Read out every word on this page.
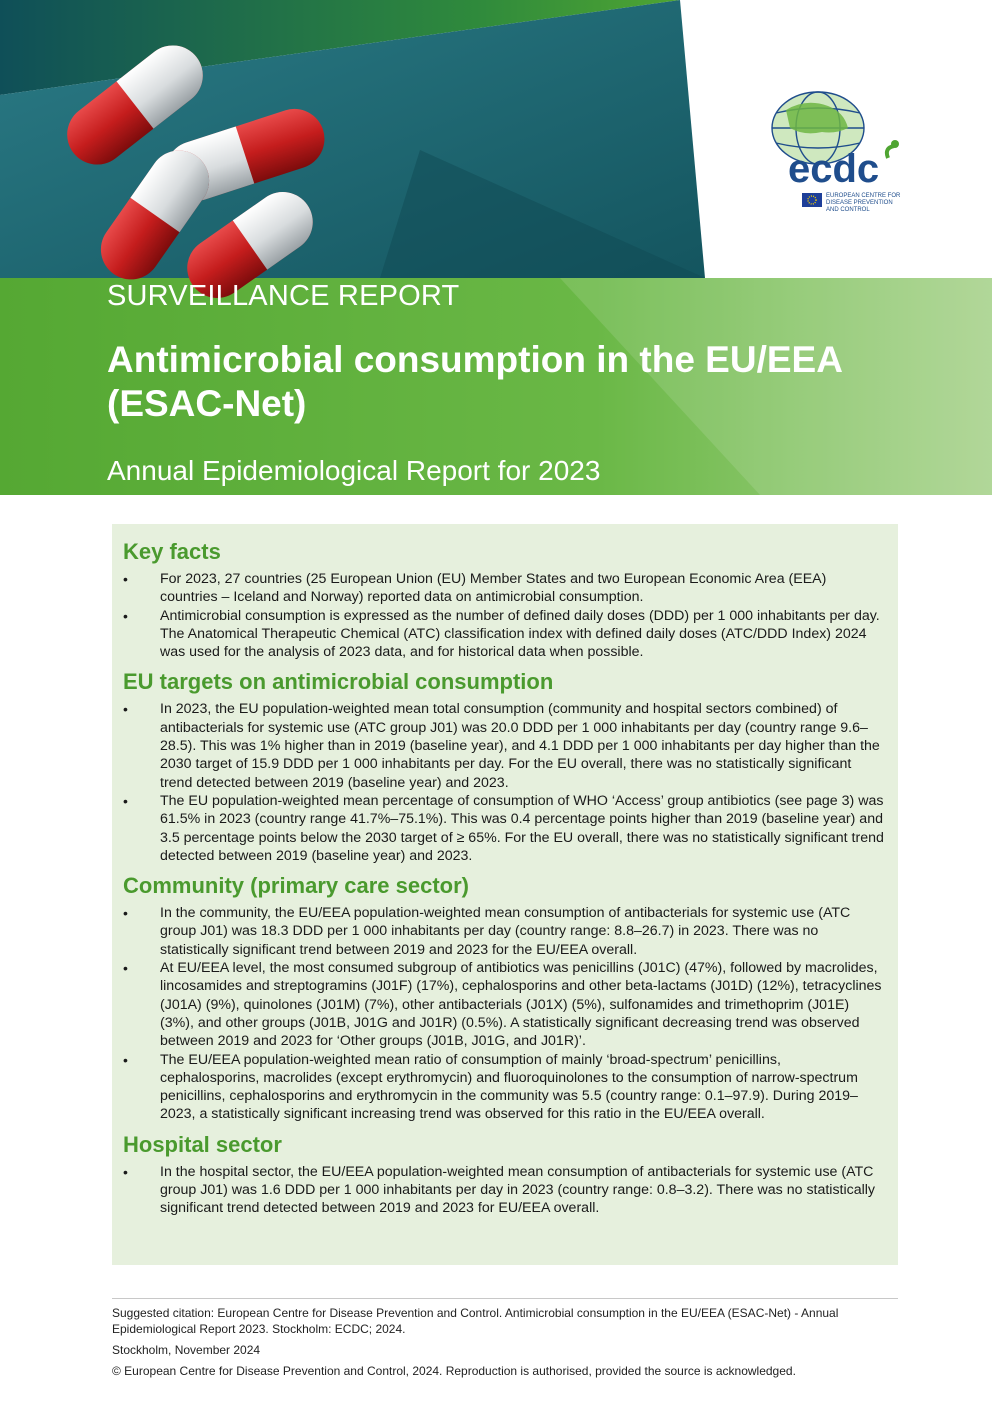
ecdc
EUROPEAN CENTRE FOR
DISEASE PREVENTION
AND CONTROL
SURVEILLANCE REPORT
Antimicrobial consumption in the EU/EEA (ESAC-Net)
Annual Epidemiological Report for 2023
Key facts
• For 2023, 27 countries (25 European Union (EU) Member States and two European Economic Area (EEA) countries – Iceland and Norway) reported data on antimicrobial consumption.
• Antimicrobial consumption is expressed as the number of defined daily doses (DDD) per 1 000 inhabitants per day. The Anatomical Therapeutic Chemical (ATC) classification index with defined daily doses (ATC/DDD Index) 2024 was used for the analysis of 2023 data, and for historical data when possible.
EU targets on antimicrobial consumption
• In 2023, the EU population-weighted mean total consumption (community and hospital sectors combined) of antibacterials for systemic use (ATC group J01) was 20.0 DDD per 1 000 inhabitants per day (country range 9.6–28.5). This was 1% higher than in 2019 (baseline year), and 4.1 DDD per 1 000 inhabitants per day higher than the 2030 target of 15.9 DDD per 1 000 inhabitants per day. For the EU overall, there was no statistically significant trend detected between 2019 (baseline year) and 2023.
• The EU population-weighted mean percentage of consumption of WHO ‘Access’ group antibiotics (see page 3) was 61.5% in 2023 (country range 41.7%–75.1%). This was 0.4 percentage points higher than 2019 (baseline year) and 3.5 percentage points below the 2030 target of ≥ 65%. For the EU overall, there was no statistically significant trend detected between 2019 (baseline year) and 2023.
Community (primary care sector)
• In the community, the EU/EEA population-weighted mean consumption of antibacterials for systemic use (ATC group J01) was 18.3 DDD per 1 000 inhabitants per day (country range: 8.8–26.7) in 2023. There was no statistically significant trend between 2019 and 2023 for the EU/EEA overall.
• At EU/EEA level, the most consumed subgroup of antibiotics was penicillins (J01C) (47%), followed by macrolides, lincosamides and streptogramins (J01F) (17%), cephalosporins and other beta-lactams (J01D) (12%), tetracyclines (J01A) (9%), quinolones (J01M) (7%), other antibacterials (J01X) (5%), sulfonamides and trimethoprim (J01E) (3%), and other groups (J01B, J01G and J01R) (0.5%). A statistically significant decreasing trend was observed between 2019 and 2023 for ‘Other groups (J01B, J01G, and J01R)’.
• The EU/EEA population-weighted mean ratio of consumption of mainly ‘broad-spectrum’ penicillins, cephalosporins, macrolides (except erythromycin) and fluoroquinolones to the consumption of narrow-spectrum penicillins, cephalosporins and erythromycin in the community was 5.5 (country range: 0.1–97.9). During 2019–2023, a statistically significant increasing trend was observed for this ratio in the EU/EEA overall.
Hospital sector
• In the hospital sector, the EU/EEA population-weighted mean consumption of antibacterials for systemic use (ATC group J01) was 1.6 DDD per 1 000 inhabitants per day in 2023 (country range: 0.8–3.2). There was no statistically significant trend detected between 2019 and 2023 for EU/EEA overall.

Suggested citation: European Centre for Disease Prevention and Control. Antimicrobial consumption in the EU/EEA (ESAC-Net) - Annual Epidemiological Report 2023. Stockholm: ECDC; 2024.

Stockholm, November 2024

© European Centre for Disease Prevention and Control, 2024. Reproduction is authorised, provided the source is acknowledged.
